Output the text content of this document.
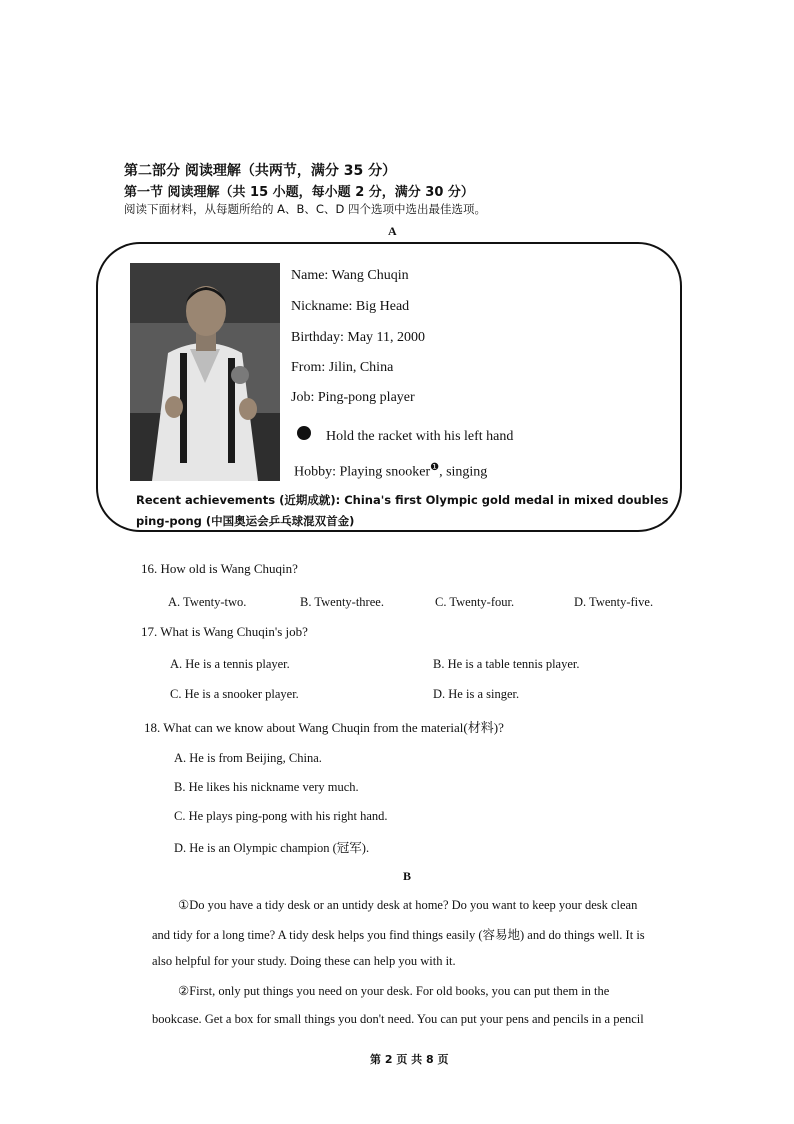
第二部分 阅读理解（共两节，满分 35 分）
第一节 阅读理解（共 15 小题，每小题 2 分，满分 30 分）
阅读下面材料，从每题所给的 A、B、C、D 四个选项中选出最佳选项。
A
Name: Wang Chuqin
Nickname: Big Head
Birthday: May 11, 2000
From: Jilin, China
Job: Ping-pong player
Hold the racket with his left hand
Hobby: Playing snooker$^❶$, singing
Recent achievements (近期成就): China's first Olympic gold medal in mixed doubles
ping-pong (中国奥运会乒乓球混双首金)
16. How old is Wang Chuqin?
A. Twenty-two.	B. Twenty-three.	C. Twenty-four.	D. Twenty-five.
17. What is Wang Chuqin's job?
A. He is a tennis player.	B. He is a table tennis player.
C. He is a snooker player.	D. He is a singer.
18. What can we know about Wang Chuqin from the material(材料)?
A. He is from Beijing, China.
B. He likes his nickname very much.
C. He plays ping-pong with his right hand.
D. He is an Olympic champion (冠军).
B
①Do you have a tidy desk or an untidy desk at home? Do you want to keep your desk clean
and tidy for a long time? A tidy desk helps you find things easily (容易地) and do things well. It is
also helpful for your study. Doing these can help you with it.
②First, only put things you need on your desk. For old books, you can put them in the
bookcase. Get a box for small things you don't need. You can put your pens and pencils in a pencil
第 2 页 共 8 页
